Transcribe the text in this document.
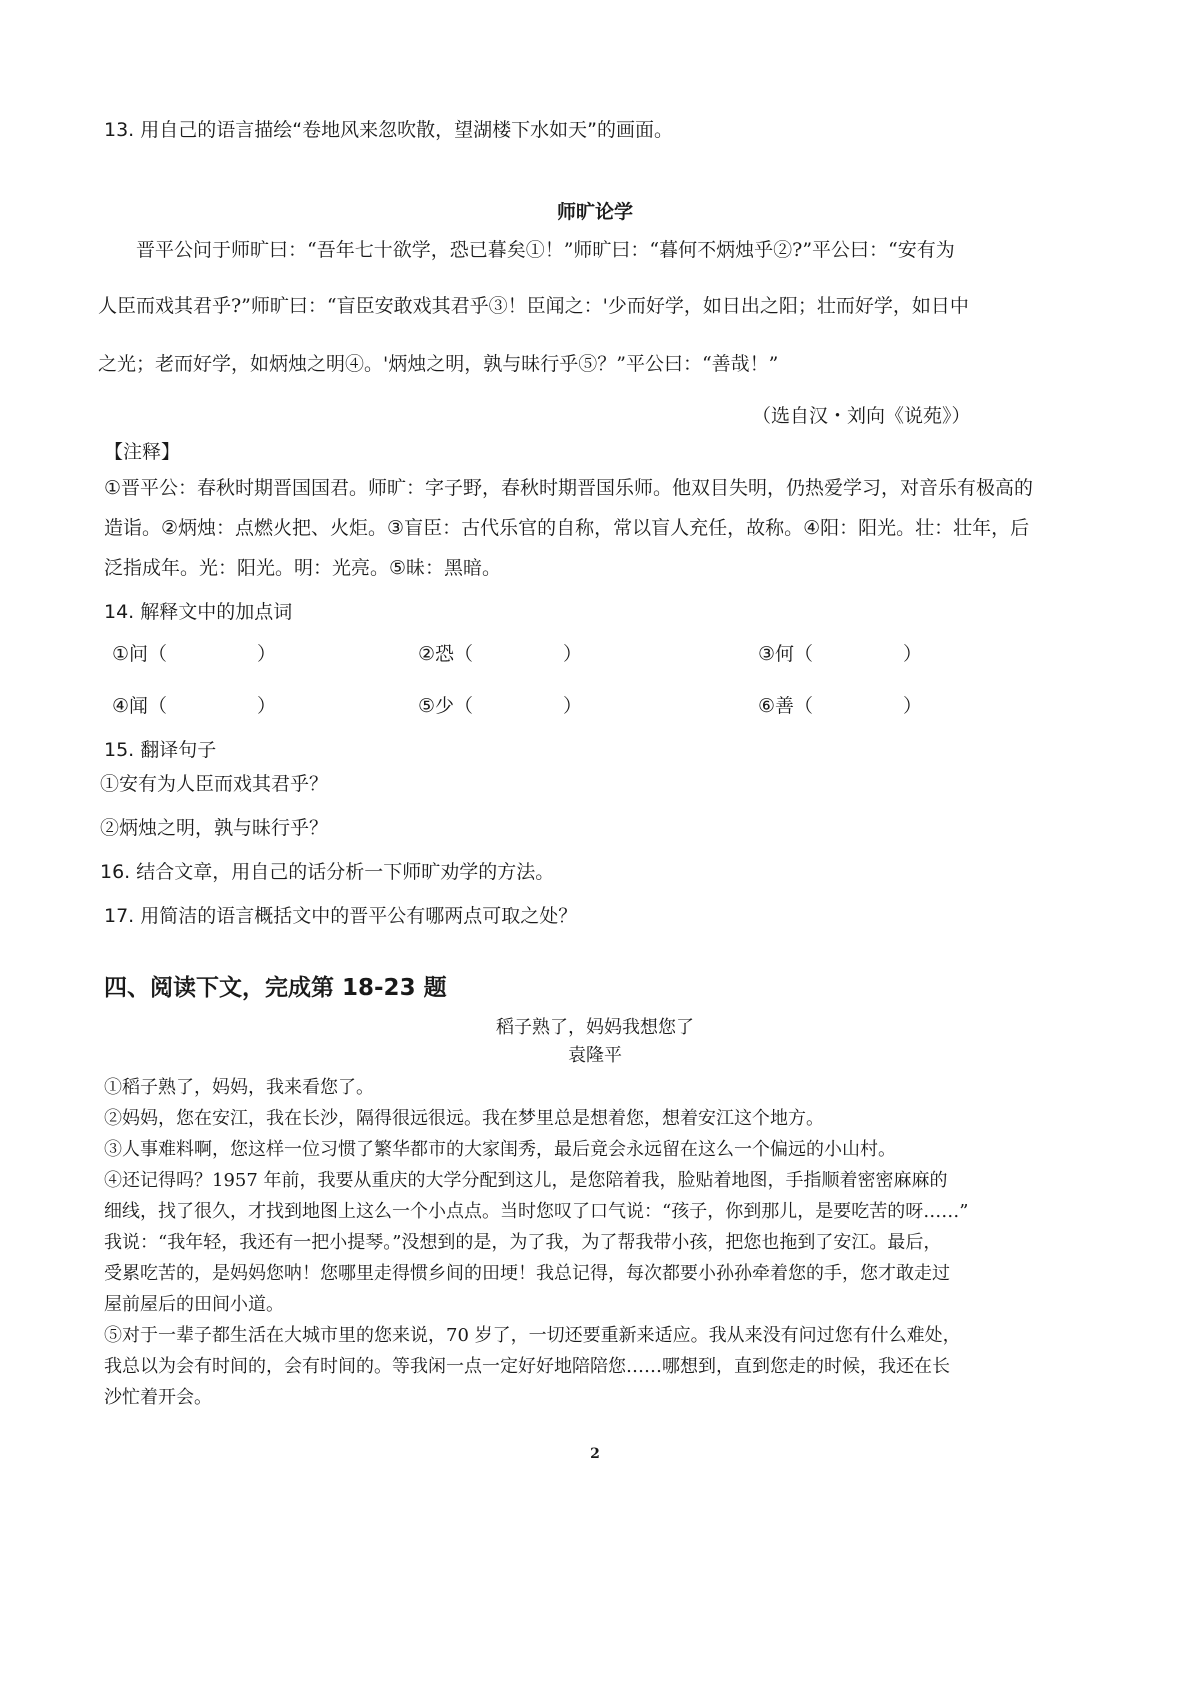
13. 用自己的语言描绘“卷地风来忽吹散，望湖楼下水如天”的画面。
师旷论学
晋平公问于师旷曰：“吾年七十欲学，恐已暮矣①！”师旷曰：“暮何不炳烛乎②?”平公曰：“安有为
人臣而戏其君乎?”师旷曰：“盲臣安敢戏其君乎③！臣闻之：'少而好学，如日出之阳；壮而好学，如日中
之光；老而好学，如炳烛之明④。'炳烛之明，孰与昧行乎⑤？”平公曰：“善哉！”
（选自汉・刘向《说苑》）
【注释】
①晋平公：春秋时期晋国国君。师旷：字子野，春秋时期晋国乐师。他双目失明，仍热爱学习，对音乐有极高的造诣。②炳烛：点燃火把、火炬。③盲臣：古代乐官的自称，常以盲人充任，故称。④阳：阳光。壮：壮年，后泛指成年。光：阳光。明：光亮。⑤昧：黑暗。
14. 解释文中的加点词
①问（	）	②恐（	）	③何（	）
④闻（	）	⑤少（	）	⑥善（	）
15. 翻译句子
①安有为人臣而戏其君乎？
②炳烛之明，孰与昧行乎？
16. 结合文章，用自己的话分析一下师旷劝学的方法。
17. 用简洁的语言概括文中的晋平公有哪两点可取之处？
四、阅读下文，完成第 18-23 题
稻子熟了，妈妈我想您了
袁隆平
①稻子熟了，妈妈，我来看您了。
②妈妈，您在安江，我在长沙，隔得很远很远。我在梦里总是想着您，想着安江这个地方。
③人事难料啊，您这样一位习惯了繁华都市的大家闺秀，最后竟会永远留在这么一个偏远的小山村。
④还记得吗？1957 年前，我要从重庆的大学分配到这儿，是您陪着我，脸贴着地图，手指顺着密密麻麻的
细线，找了很久，才找到地图上这么一个小点点。当时您叹了口气说：“孩子，你到那儿，是要吃苦的呀……”
我说：“我年轻，我还有一把小提琴。”没想到的是，为了我，为了帮我带小孩，把您也拖到了安江。最后，
受累吃苦的，是妈妈您呐！您哪里走得惯乡间的田埂！我总记得，每次都要小孙孙牵着您的手，您才敢走过
屋前屋后的田间小道。
⑤对于一辈子都生活在大城市里的您来说，70 岁了，一切还要重新来适应。我从来没有问过您有什么难处，
我总以为会有时间的，会有时间的。等我闲一点一定好好地陪陪您……哪想到，直到您走的时候，我还在长
沙忙着开会。
2
